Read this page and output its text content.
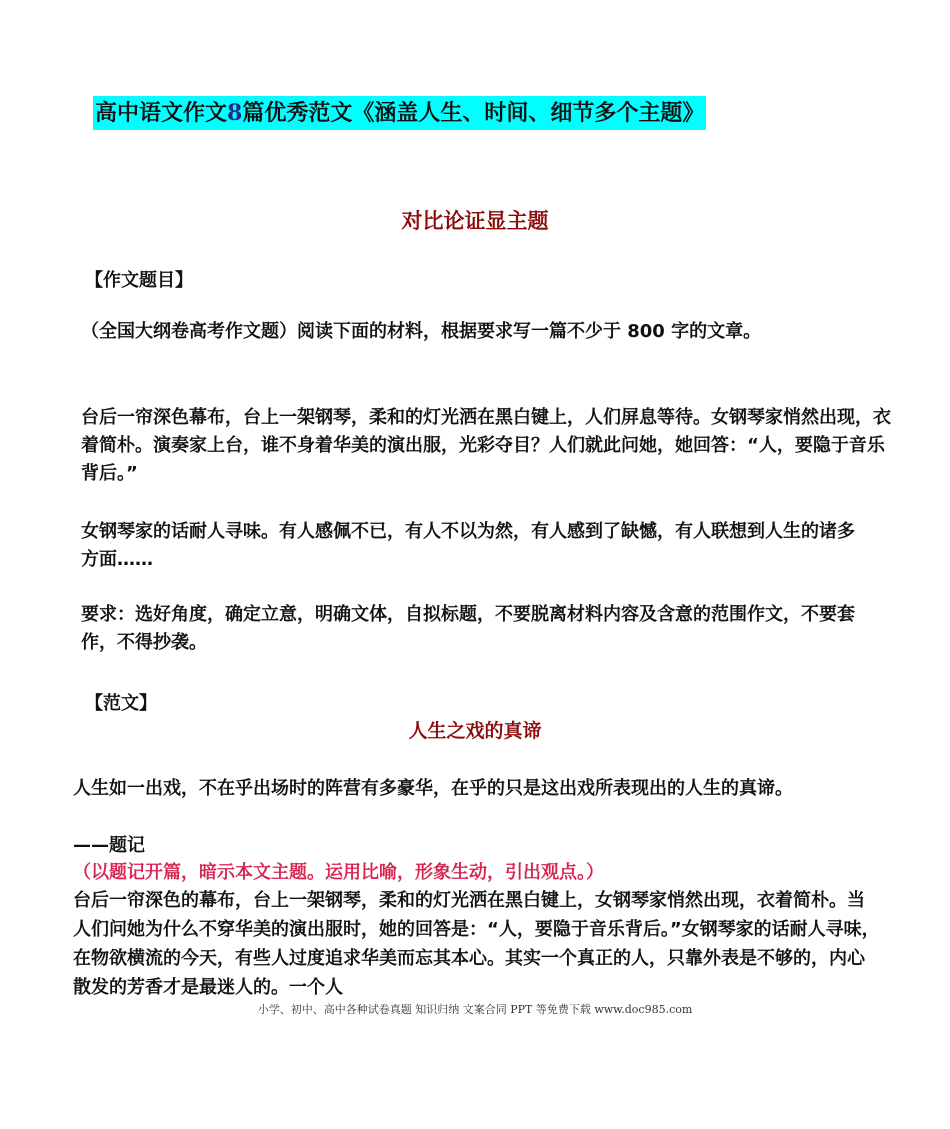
高中语文作文8篇优秀范文《涵盖人生、时间、细节多个主题》
对比论证显主题
【作文题目】

（全国大纲卷高考作文题）阅读下面的材料，根据要求写一篇不少于 800 字的文章。

台后一帘深色幕布，台上一架钢琴，柔和的灯光洒在黑白键上，人们屏息等待。女钢琴家悄然出现，衣着简朴。演奏家上台，谁不身着华美的演出服，光彩夺目？人们就此问她，她回答：“人，要隐于音乐背后。”

女钢琴家的话耐人寻味。有人感佩不已，有人不以为然，有人感到了缺憾，有人联想到人生的诸多方面……

要求：选好角度，确定立意，明确文体，自拟标题，不要脱离材料内容及含意的范围作文，不要套作，不得抄袭。

【范文】
人生之戏的真谛

人生如一出戏，不在乎出场时的阵营有多豪华，在乎的只是这出戏所表现出的人生的真谛。

——题记

（以题记开篇，暗示本文主题。运用比喻，形象生动，引出观点。）

台后一帘深色的幕布，台上一架钢琴，柔和的灯光洒在黑白键上，女钢琴家悄然出现，衣着简朴。当人们问她为什么不穿华美的演出服时，她的回答是：“人，要隐于音乐背后。”女钢琴家的话耐人寻味，在物欲横流的今天，有些人过度追求华美而忘其本心。其实一个真正的人，只靠外表是不够的，内心散发的芳香才是最迷人的。一个人

小学、初中、高中各种试卷真题 知识归纳 文案合同 PPT 等免费下载 www.doc985.com
